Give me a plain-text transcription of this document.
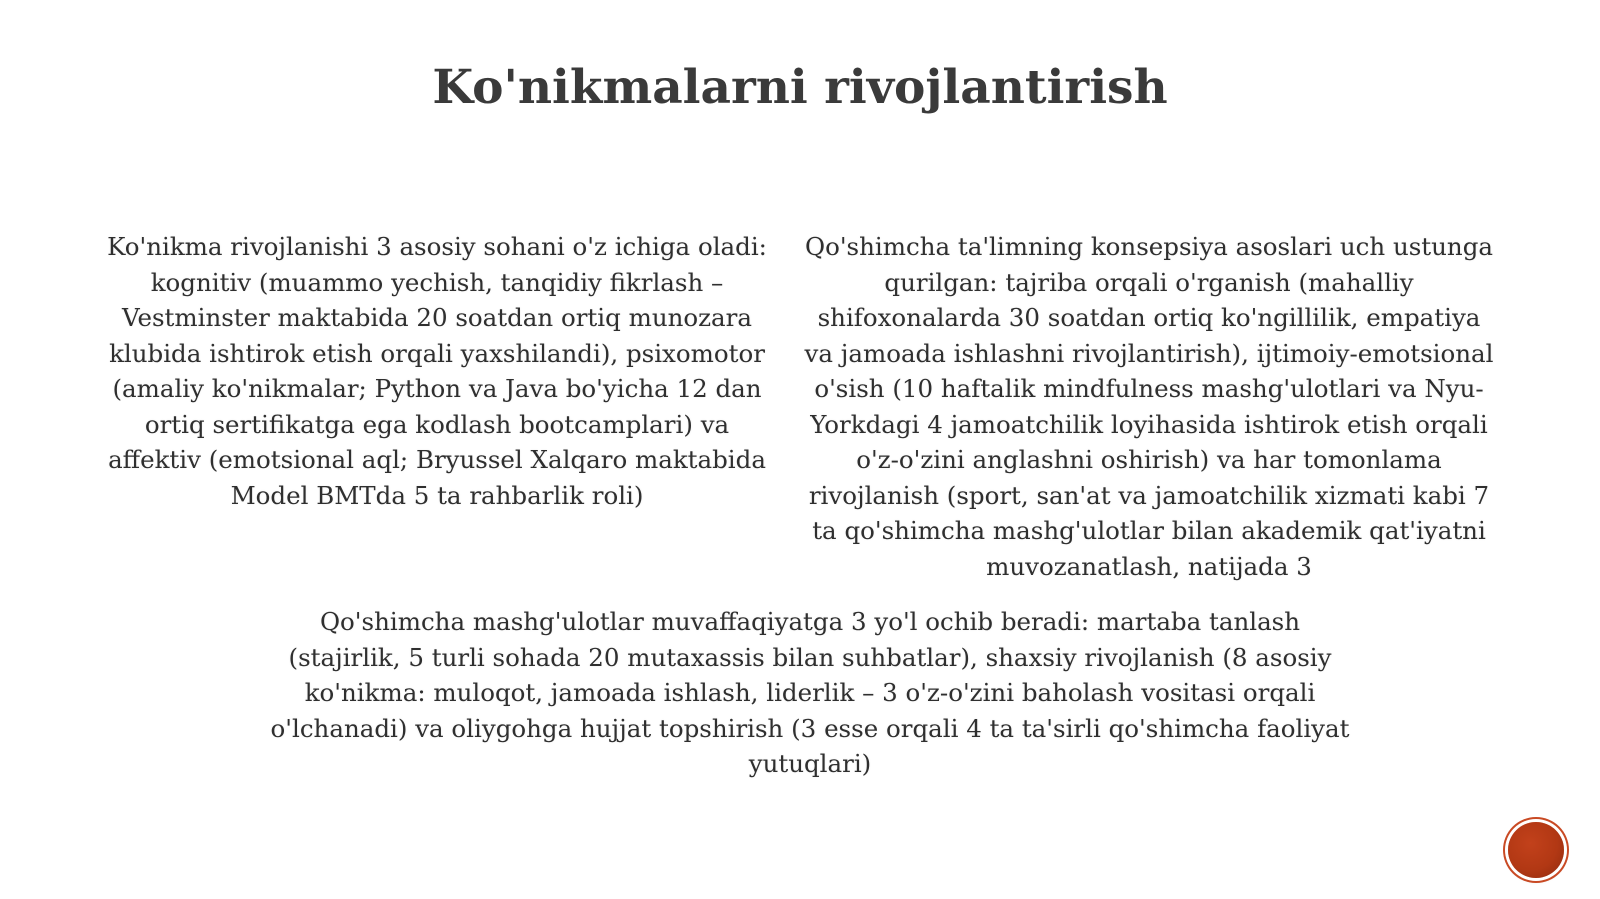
Ko'nikmalarni rivojlantirish
Ko'nikma rivojlanishi 3 asosiy sohani o'z ichiga oladi: kognitiv (muammo yechish, tanqidiy fikrlash – Vestminster maktabida 20 soatdan ortiq munozara klubida ishtirok etish orqali yaxshilandi), psixomotor (amaliy ko'nikmalar; Python va Java bo'yicha 12 dan ortiq sertifikatga ega kodlash bootcamplari) va affektiv (emotsional aql; Bryussel Xalqaro maktabida Model BMTda 5 ta rahbarlik roli)
Qo'shimcha ta'limning konsepsiya asoslari uch ustunga qurilgan: tajriba orqali o'rganish (mahalliy shifoxonalarda 30 soatdan ortiq ko'ngillilik, empatiya va jamoada ishlashni rivojlantirish), ijtimoiy-emotsional o'sish (10 haftalik mindfulness mashg'ulotlari va Nyu-Yorkdagi 4 jamoatchilik loyihasida ishtirok etish orqali o'z-o'zini anglashni oshirish) va har tomonlama rivojlanish (sport, san'at va jamoatchilik xizmati kabi 7 ta qo'shimcha mashg'ulotlar bilan akademik qat'iyatni muvozanatlash, natijada 3
Qo'shimcha mashg'ulotlar muvaffaqiyatga 3 yo'l ochib beradi: martaba tanlash (stajirlik, 5 turli sohada 20 mutaxassis bilan suhbatlar), shaxsiy rivojlanish (8 asosiy ko'nikma: muloqot, jamoada ishlash, liderlik – 3 o'z-o'zini baholash vositasi orqali o'lchanadi) va oliygohga hujjat topshirish (3 esse orqali 4 ta ta'sirli qo'shimcha faoliyat yutuqlari)
